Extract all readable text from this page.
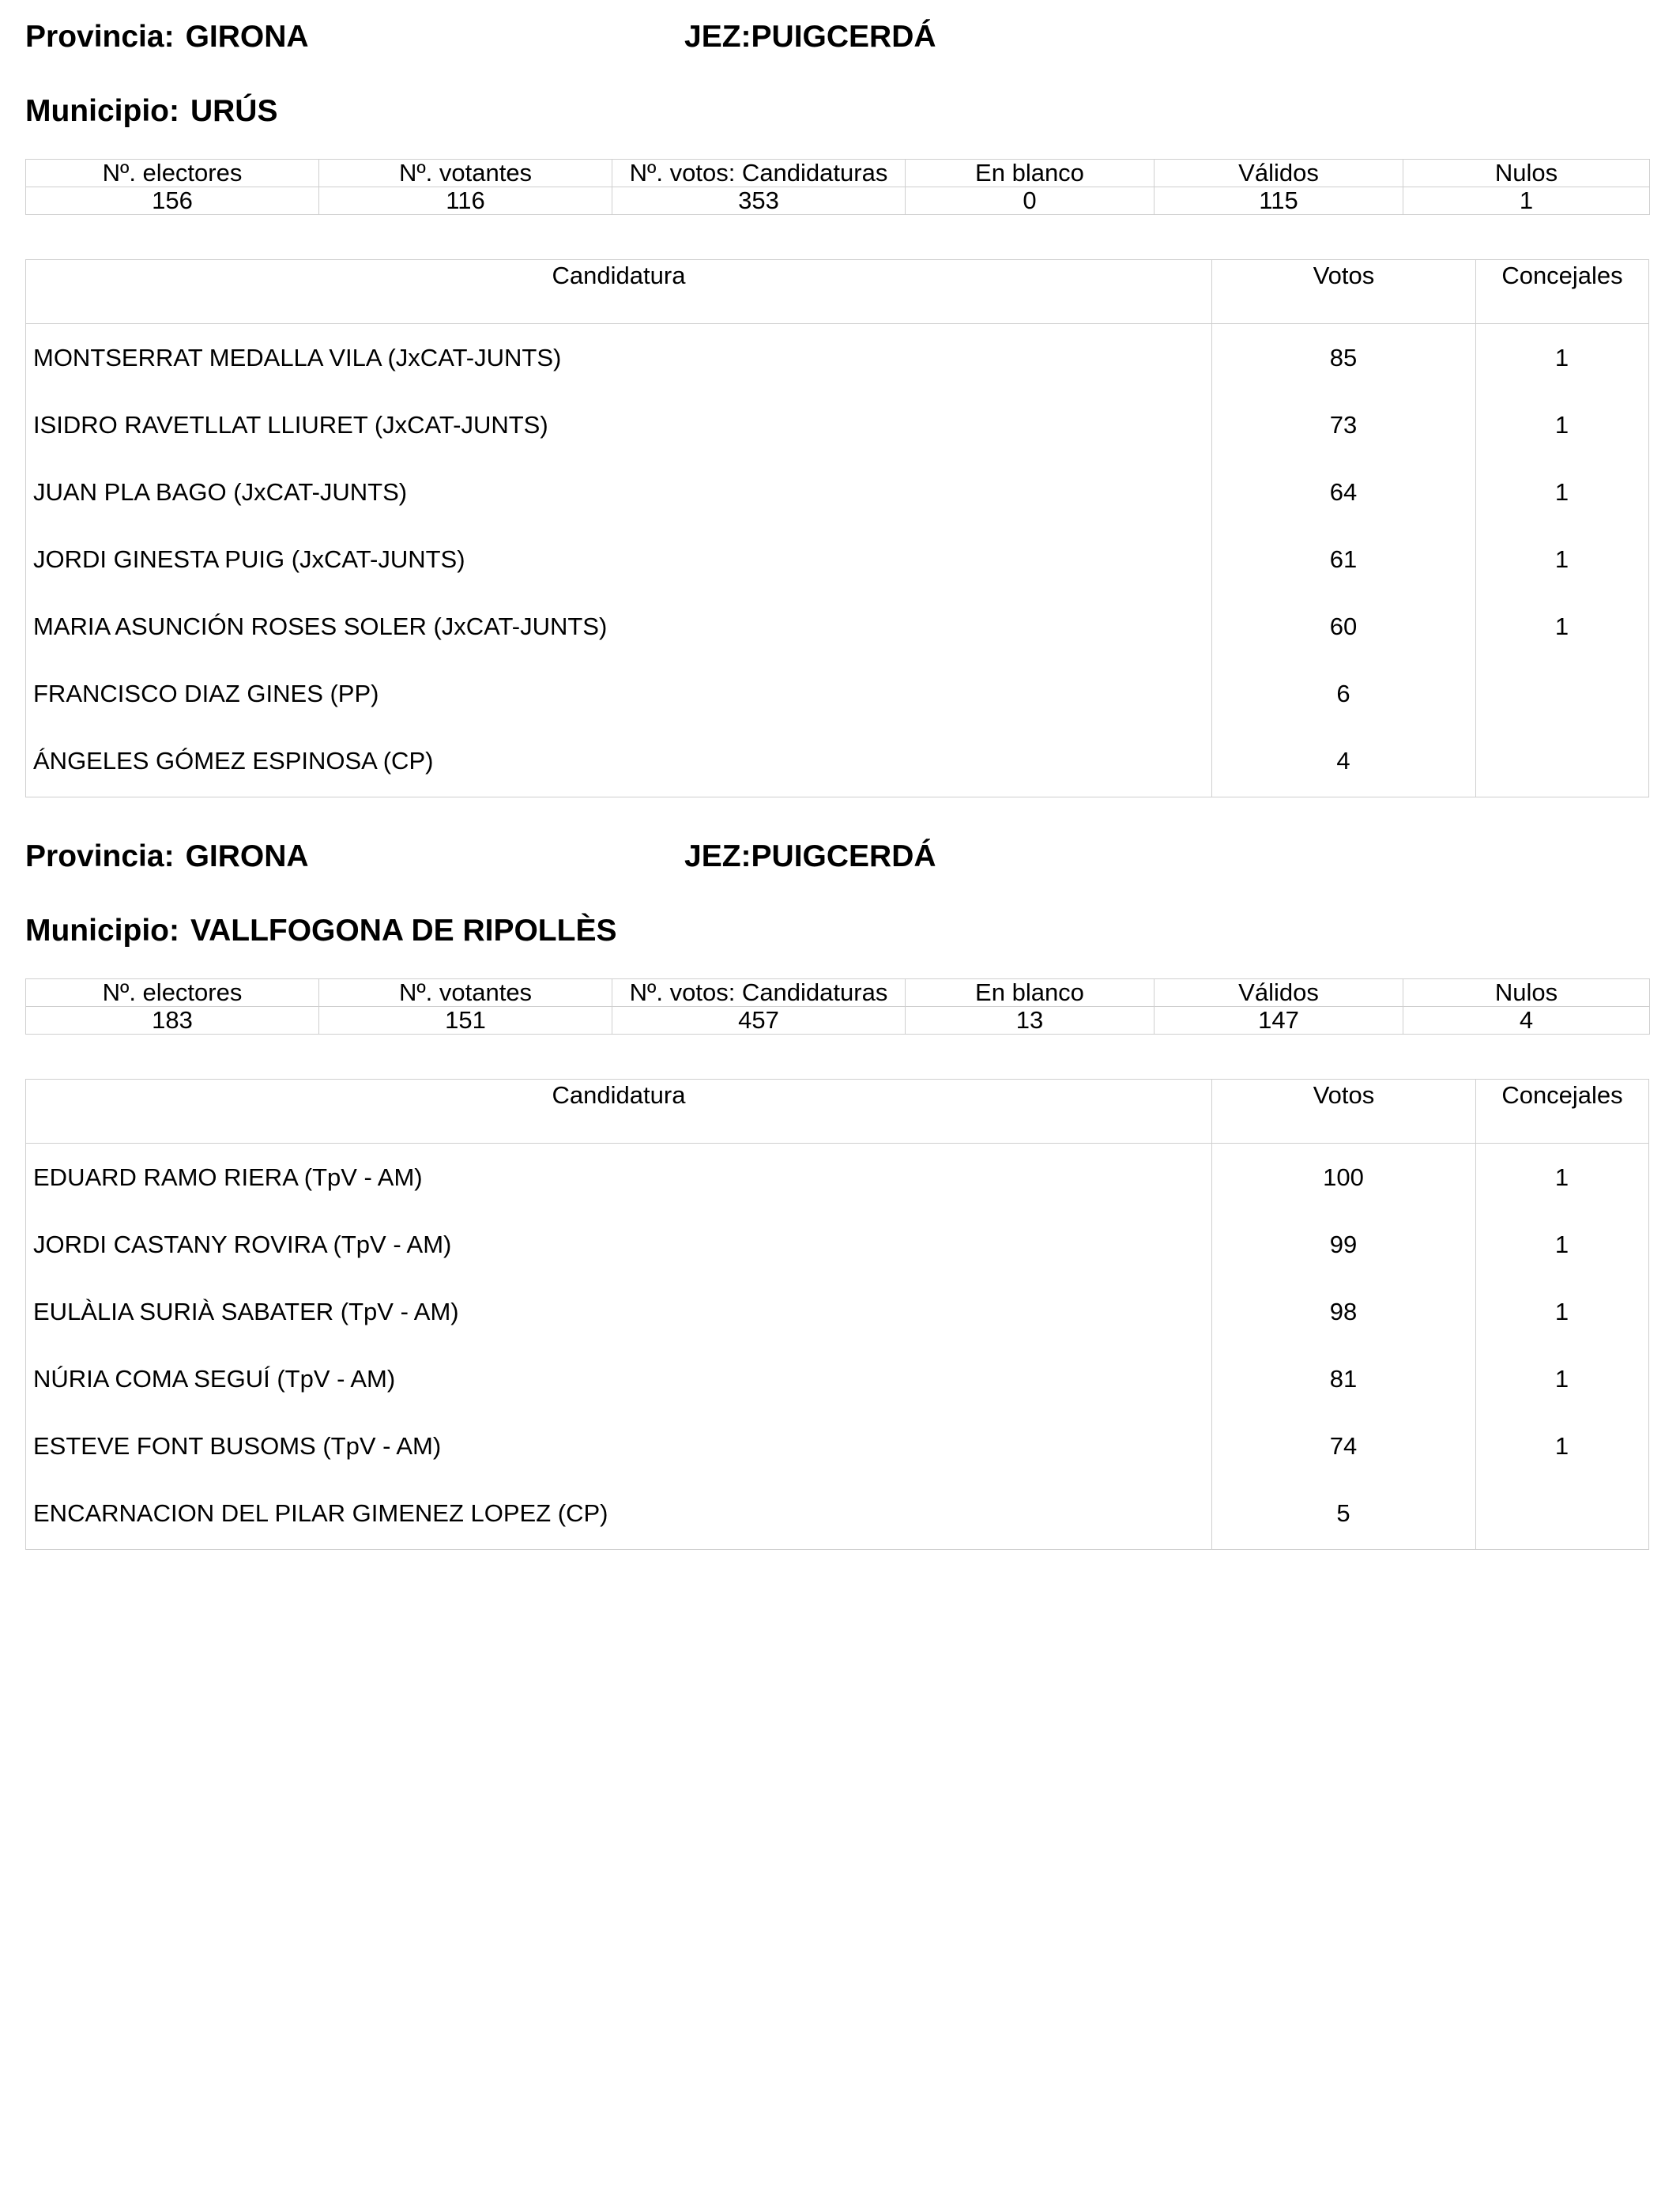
Provincia: GIRONA	JEZ:PUIGCERDÁ
Municipio: URÚS
Nº. electores	Nº. votantes	Nº. votos: Candidaturas	En blanco	Válidos	Nulos
156	116	353	0	115	1
Candidatura	Votos	Concejales
MONTSERRAT MEDALLA VILA (JxCAT-JUNTS)	85	1
ISIDRO RAVETLLAT LLIURET (JxCAT-JUNTS)	73	1
JUAN PLA BAGO (JxCAT-JUNTS)	64	1
JORDI GINESTA PUIG (JxCAT-JUNTS)	61	1
MARIA ASUNCIÓN ROSES SOLER (JxCAT-JUNTS)	60	1
FRANCISCO DIAZ GINES (PP)	6
ÁNGELES GÓMEZ ESPINOSA (CP)	4
Provincia: GIRONA	JEZ:PUIGCERDÁ
Municipio: VALLFOGONA DE RIPOLLÈS
Nº. electores	Nº. votantes	Nº. votos: Candidaturas	En blanco	Válidos	Nulos
183	151	457	13	147	4
Candidatura	Votos	Concejales
EDUARD RAMO RIERA (TpV - AM)	100	1
JORDI CASTANY ROVIRA (TpV - AM)	99	1
EULÀLIA SURIÀ SABATER (TpV - AM)	98	1
NÚRIA COMA SEGUÍ (TpV - AM)	81	1
ESTEVE FONT BUSOMS (TpV - AM)	74	1
ENCARNACION DEL PILAR GIMENEZ LOPEZ (CP)	5
